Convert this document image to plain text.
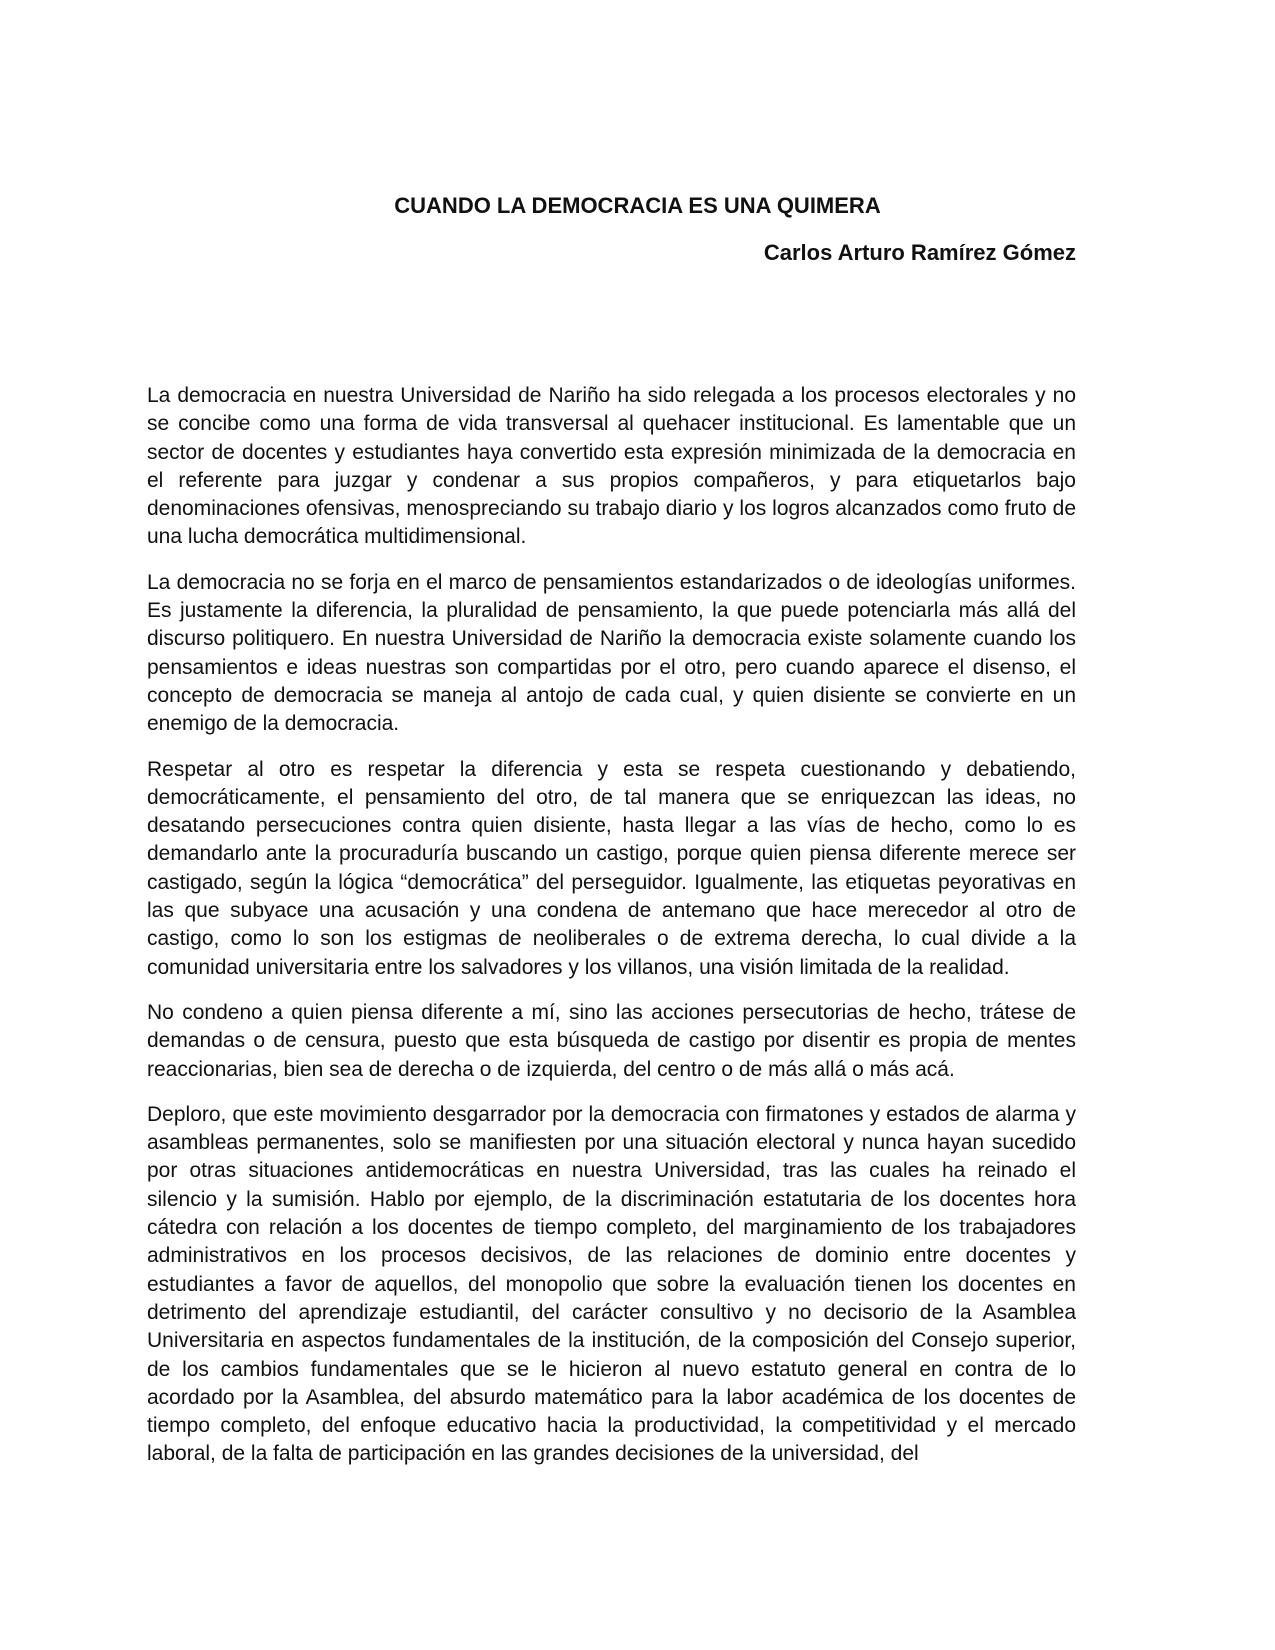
CUANDO LA DEMOCRACIA ES UNA QUIMERA
Carlos Arturo Ramírez Gómez

La democracia en nuestra Universidad de Nariño ha sido relegada a los procesos electorales y no se concibe como una forma de vida transversal al quehacer institucional. Es lamentable que un sector de docentes y estudiantes haya convertido esta expresión minimizada de la democracia en el referente para juzgar y condenar a sus propios compañeros, y para etiquetarlos bajo denominaciones ofensivas, menospreciando su trabajo diario y los logros alcanzados como fruto de una lucha democrática multidimensional.

La democracia no se forja en el marco de pensamientos estandarizados o de ideologías uniformes. Es justamente la diferencia, la pluralidad de pensamiento, la que puede potenciarla más allá del discurso politiquero. En nuestra Universidad de Nariño la democracia existe solamente cuando los pensamientos e ideas nuestras son compartidas por el otro, pero cuando aparece el disenso, el concepto de democracia se maneja al antojo de cada cual, y quien disiente se convierte en un enemigo de la democracia.

Respetar al otro es respetar la diferencia y esta se respeta cuestionando y debatiendo, democráticamente, el pensamiento del otro, de tal manera que se enriquezcan las ideas, no desatando persecuciones contra quien disiente, hasta llegar a las vías de hecho, como lo es demandarlo ante la procuraduría buscando un castigo, porque quien piensa diferente merece ser castigado, según la lógica “democrática” del perseguidor. Igualmente, las etiquetas peyorativas en las que subyace una acusación y una condena de antemano que hace merecedor al otro de castigo, como lo son los estigmas de neoliberales o de extrema derecha, lo cual divide a la comunidad universitaria entre los salvadores y los villanos, una visión limitada de la realidad.

No condeno a quien piensa diferente a mí, sino las acciones persecutorias de hecho, trátese de demandas o de censura, puesto que esta búsqueda de castigo por disentir es propia de mentes reaccionarias, bien sea de derecha o de izquierda, del centro o de más allá o más acá.

Deploro, que este movimiento desgarrador por la democracia con firmatones y estados de alarma y asambleas permanentes, solo se manifiesten por una situación electoral y nunca hayan sucedido por otras situaciones antidemocráticas en nuestra Universidad, tras las cuales ha reinado el silencio y la sumisión. Hablo por ejemplo, de la discriminación estatutaria de los docentes hora cátedra con relación a los docentes de tiempo completo, del marginamiento de los trabajadores administrativos en los procesos decisivos, de las relaciones de dominio entre docentes y estudiantes a favor de aquellos, del monopolio que sobre la evaluación tienen los docentes en detrimento del aprendizaje estudiantil, del carácter consultivo y no decisorio de la Asamblea Universitaria en aspectos fundamentales de la institución, de la composición del Consejo superior, de los cambios fundamentales que se le hicieron al nuevo estatuto general en contra de lo acordado por la Asamblea, del absurdo matemático para la labor académica de los docentes de tiempo completo, del enfoque educativo hacia la productividad, la competitividad y el mercado laboral, de la falta de participación en las grandes decisiones de la universidad, del
